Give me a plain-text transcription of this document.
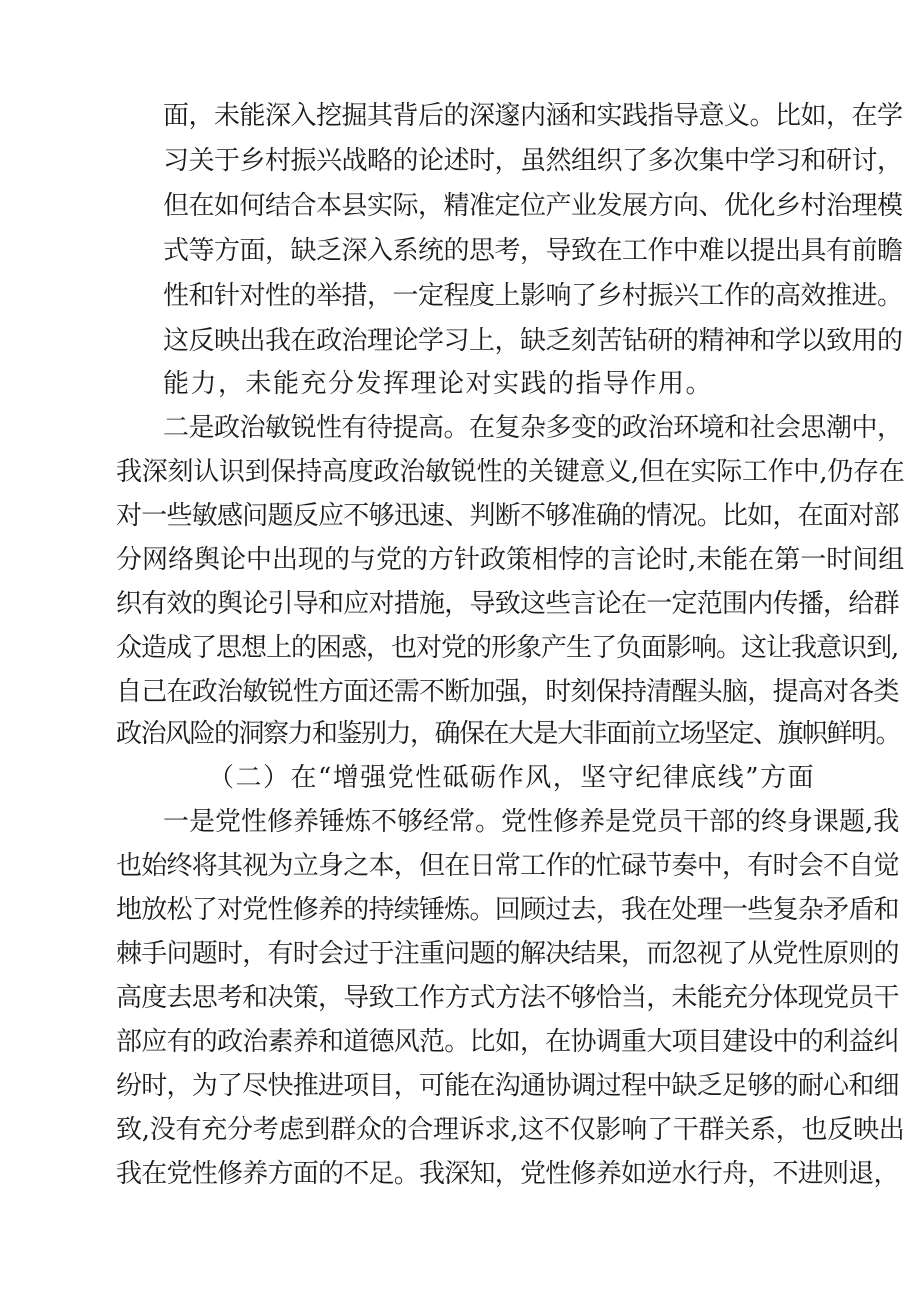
面，未能深入挖掘其背后的深邃内涵和实践指导意义。比如，在学
习关于乡村振兴战略的论述时，虽然组织了多次集中学习和研讨，
但在如何结合本县实际，精准定位产业发展方向、优化乡村治理模
式等方面，缺乏深入系统的思考，导致在工作中难以提出具有前瞻
性和针对性的举措，一定程度上影响了乡村振兴工作的高效推进。
这反映出我在政治理论学习上，缺乏刻苦钻研的精神和学以致用的
能力，未能充分发挥理论对实践的指导作用。
二是政治敏锐性有待提高。在复杂多变的政治环境和社会思潮中，
我深刻认识到保持高度政治敏锐性的关键意义,但在实际工作中,仍存在
对一些敏感问题反应不够迅速、判断不够准确的情况。比如，在面对部
分网络舆论中出现的与党的方针政策相悖的言论时,未能在第一时间组
织有效的舆论引导和应对措施，导致这些言论在一定范围内传播，给群
众造成了思想上的困惑，也对党的形象产生了负面影响。这让我意识到,
自己在政治敏锐性方面还需不断加强，时刻保持清醒头脑，提高对各类
政治风险的洞察力和鉴别力，确保在大是大非面前立场坚定、旗帜鲜明。
（二）在“增强党性砥砺作风，坚守纪律底线”方面
一是党性修养锤炼不够经常。党性修养是党员干部的终身课题,我
也始终将其视为立身之本，但在日常工作的忙碌节奏中，有时会不自觉
地放松了对党性修养的持续锤炼。回顾过去，我在处理一些复杂矛盾和
棘手问题时，有时会过于注重问题的解决结果，而忽视了从党性原则的
高度去思考和决策，导致工作方式方法不够恰当，未能充分体现党员干
部应有的政治素养和道德风范。比如，在协调重大项目建设中的利益纠
纷时，为了尽快推进项目，可能在沟通协调过程中缺乏足够的耐心和细
致,没有充分考虑到群众的合理诉求,这不仅影响了干群关系，也反映出
我在党性修养方面的不足。我深知，党性修养如逆水行舟，不进则退，
